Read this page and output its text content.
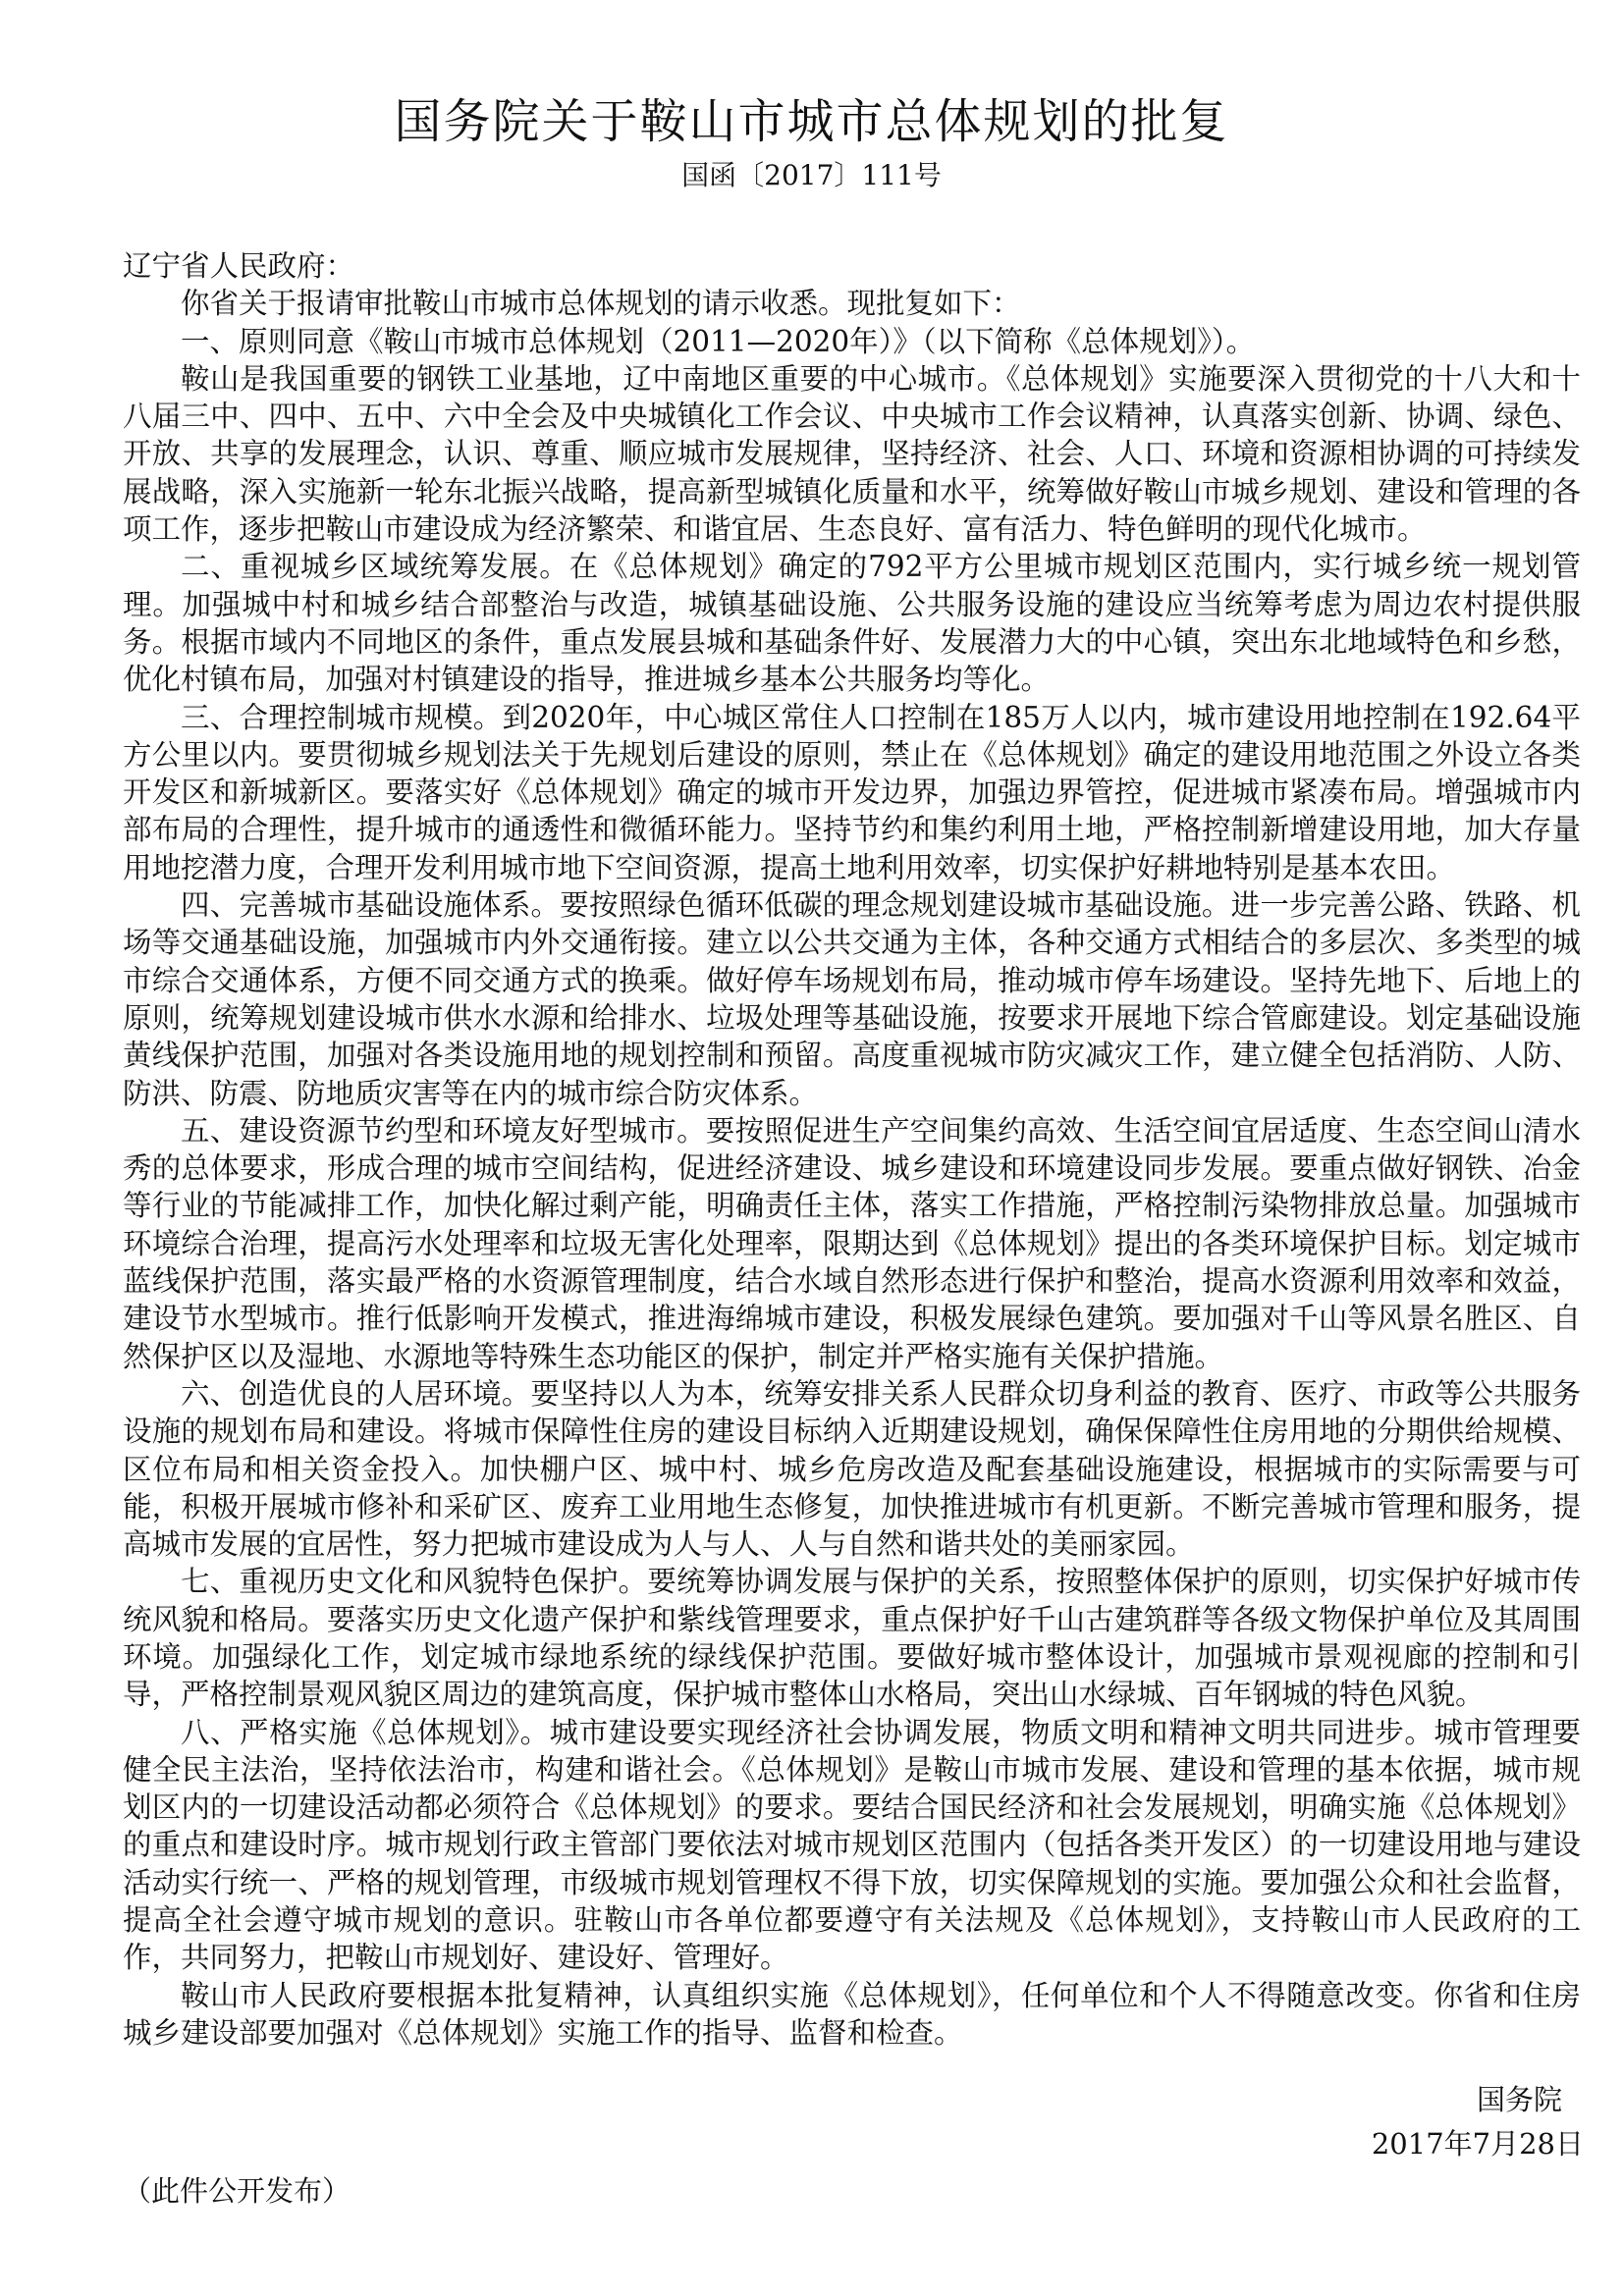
国务院关于鞍山市城市总体规划的批复
国函〔2017〕111号

辽宁省人民政府：

你省关于报请审批鞍山市城市总体规划的请示收悉。现批复如下：

一、原则同意《鞍山市城市总体规划（2011—2020年）》（以下简称《总体规划》）。

鞍山是我国重要的钢铁工业基地，辽中南地区重要的中心城市。《总体规划》实施要深入贯彻党的十八大和十八届三中、四中、五中、六中全会及中央城镇化工作会议、中央城市工作会议精神，认真落实创新、协调、绿色、开放、共享的发展理念，认识、尊重、顺应城市发展规律，坚持经济、社会、人口、环境和资源相协调的可持续发展战略，深入实施新一轮东北振兴战略，提高新型城镇化质量和水平，统筹做好鞍山市城乡规划、建设和管理的各项工作，逐步把鞍山市建设成为经济繁荣、和谐宜居、生态良好、富有活力、特色鲜明的现代化城市。

二、重视城乡区域统筹发展。在《总体规划》确定的792平方公里城市规划区范围内，实行城乡统一规划管理。加强城中村和城乡结合部整治与改造，城镇基础设施、公共服务设施的建设应当统筹考虑为周边农村提供服务。根据市域内不同地区的条件，重点发展县城和基础条件好、发展潜力大的中心镇，突出东北地域特色和乡愁，优化村镇布局，加强对村镇建设的指导，推进城乡基本公共服务均等化。

三、合理控制城市规模。到2020年，中心城区常住人口控制在185万人以内，城市建设用地控制在192.64平方公里以内。要贯彻城乡规划法关于先规划后建设的原则，禁止在《总体规划》确定的建设用地范围之外设立各类开发区和新城新区。要落实好《总体规划》确定的城市开发边界，加强边界管控，促进城市紧凑布局。增强城市内部布局的合理性，提升城市的通透性和微循环能力。坚持节约和集约利用土地，严格控制新增建设用地，加大存量用地挖潜力度，合理开发利用城市地下空间资源，提高土地利用效率，切实保护好耕地特别是基本农田。

四、完善城市基础设施体系。要按照绿色循环低碳的理念规划建设城市基础设施。进一步完善公路、铁路、机场等交通基础设施，加强城市内外交通衔接。建立以公共交通为主体，各种交通方式相结合的多层次、多类型的城市综合交通体系，方便不同交通方式的换乘。做好停车场规划布局，推动城市停车场建设。坚持先地下、后地上的原则，统筹规划建设城市供水水源和给排水、垃圾处理等基础设施，按要求开展地下综合管廊建设。划定基础设施黄线保护范围，加强对各类设施用地的规划控制和预留。高度重视城市防灾减灾工作，建立健全包括消防、人防、防洪、防震、防地质灾害等在内的城市综合防灾体系。

五、建设资源节约型和环境友好型城市。要按照促进生产空间集约高效、生活空间宜居适度、生态空间山清水秀的总体要求，形成合理的城市空间结构，促进经济建设、城乡建设和环境建设同步发展。要重点做好钢铁、冶金等行业的节能减排工作，加快化解过剩产能，明确责任主体，落实工作措施，严格控制污染物排放总量。加强城市环境综合治理，提高污水处理率和垃圾无害化处理率，限期达到《总体规划》提出的各类环境保护目标。划定城市蓝线保护范围，落实最严格的水资源管理制度，结合水域自然形态进行保护和整治，提高水资源利用效率和效益，建设节水型城市。推行低影响开发模式，推进海绵城市建设，积极发展绿色建筑。要加强对千山等风景名胜区、自然保护区以及湿地、水源地等特殊生态功能区的保护，制定并严格实施有关保护措施。

六、创造优良的人居环境。要坚持以人为本，统筹安排关系人民群众切身利益的教育、医疗、市政等公共服务设施的规划布局和建设。将城市保障性住房的建设目标纳入近期建设规划，确保保障性住房用地的分期供给规模、区位布局和相关资金投入。加快棚户区、城中村、城乡危房改造及配套基础设施建设，根据城市的实际需要与可能，积极开展城市修补和采矿区、废弃工业用地生态修复，加快推进城市有机更新。不断完善城市管理和服务，提高城市发展的宜居性，努力把城市建设成为人与人、人与自然和谐共处的美丽家园。

七、重视历史文化和风貌特色保护。要统筹协调发展与保护的关系，按照整体保护的原则，切实保护好城市传统风貌和格局。要落实历史文化遗产保护和紫线管理要求，重点保护好千山古建筑群等各级文物保护单位及其周围环境。加强绿化工作，划定城市绿地系统的绿线保护范围。要做好城市整体设计，加强城市景观视廊的控制和引导，严格控制景观风貌区周边的建筑高度，保护城市整体山水格局，突出山水绿城、百年钢城的特色风貌。

八、严格实施《总体规划》。城市建设要实现经济社会协调发展，物质文明和精神文明共同进步。城市管理要健全民主法治，坚持依法治市，构建和谐社会。《总体规划》是鞍山市城市发展、建设和管理的基本依据，城市规划区内的一切建设活动都必须符合《总体规划》的要求。要结合国民经济和社会发展规划，明确实施《总体规划》的重点和建设时序。城市规划行政主管部门要依法对城市规划区范围内（包括各类开发区）的一切建设用地与建设活动实行统一、严格的规划管理，市级城市规划管理权不得下放，切实保障规划的实施。要加强公众和社会监督，提高全社会遵守城市规划的意识。驻鞍山市各单位都要遵守有关法规及《总体规划》，支持鞍山市人民政府的工作，共同努力，把鞍山市规划好、建设好、管理好。

鞍山市人民政府要根据本批复精神，认真组织实施《总体规划》，任何单位和个人不得随意改变。你省和住房城乡建设部要加强对《总体规划》实施工作的指导、监督和检查。

国务院
2017年7月28日
（此件公开发布）
